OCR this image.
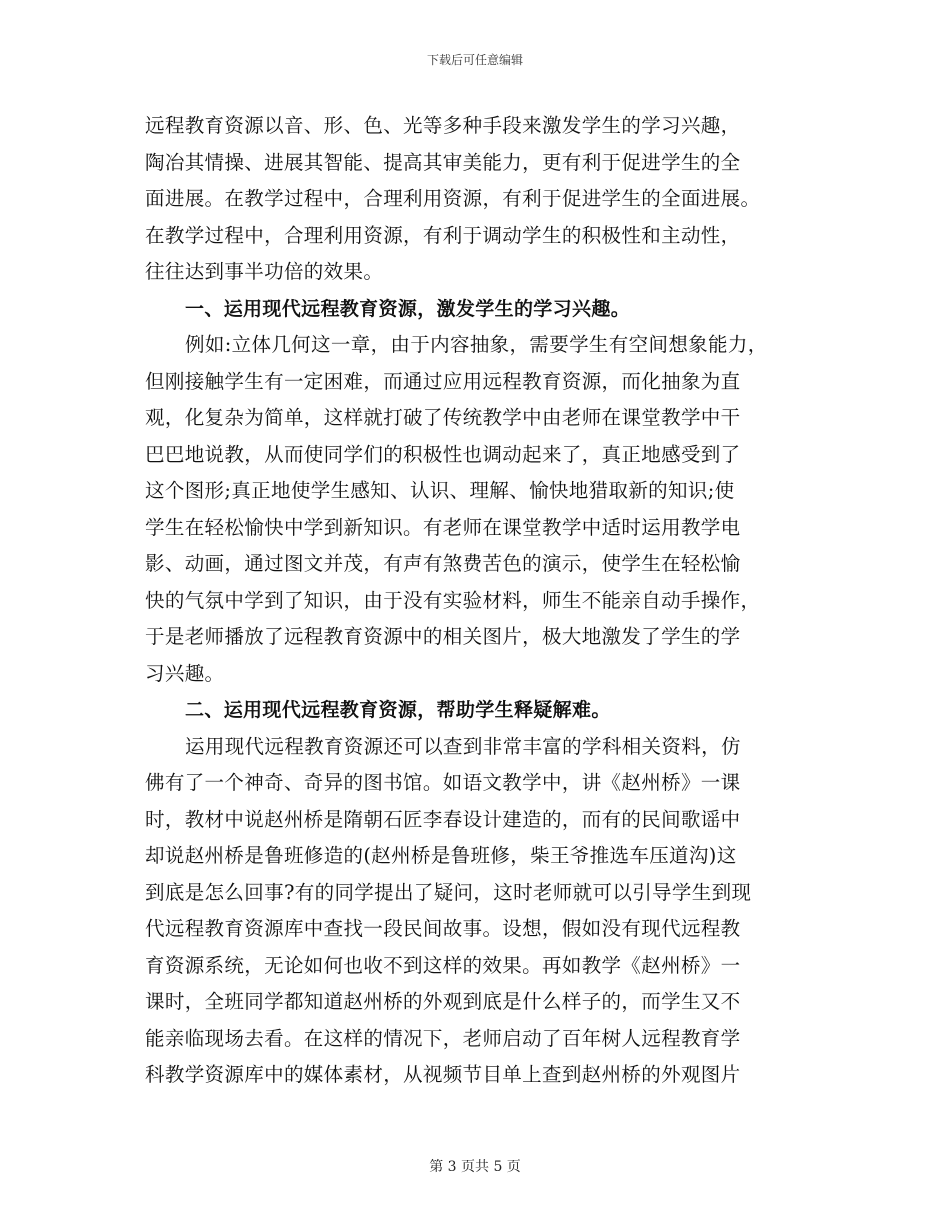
下载后可任意编辑
远程教育资源以音、形、色、光等多种手段来激发学生的学习兴趣，
陶冶其情操、进展其智能、提高其审美能力，更有利于促进学生的全
面进展。在教学过程中，合理利用资源，有利于促进学生的全面进展。
在教学过程中，合理利用资源，有利于调动学生的积极性和主动性，
往往达到事半功倍的效果。
一、运用现代远程教育资源，激发学生的学习兴趣。
例如:立体几何这一章，由于内容抽象，需要学生有空间想象能力，
但刚接触学生有一定困难，而通过应用远程教育资源，而化抽象为直
观，化复杂为简单，这样就打破了传统教学中由老师在课堂教学中干
巴巴地说教，从而使同学们的积极性也调动起来了，真正地感受到了
这个图形;真正地使学生感知、认识、理解、愉快地猎取新的知识;使
学生在轻松愉快中学到新知识。有老师在课堂教学中适时运用教学电
影、动画，通过图文并茂，有声有煞费苦色的演示，使学生在轻松愉
快的气氛中学到了知识，由于没有实验材料，师生不能亲自动手操作，
于是老师播放了远程教育资源中的相关图片，极大地激发了学生的学
习兴趣。
二、运用现代远程教育资源，帮助学生释疑解难。
运用现代远程教育资源还可以查到非常丰富的学科相关资料，仿
佛有了一个神奇、奇异的图书馆。如语文教学中，讲《赵州桥》一课
时，教材中说赵州桥是隋朝石匠李春设计建造的，而有的民间歌谣中
却说赵州桥是鲁班修造的(赵州桥是鲁班修，柴王爷推选车压道沟)这
到底是怎么回事?有的同学提出了疑问，这时老师就可以引导学生到现
代远程教育资源库中查找一段民间故事。设想，假如没有现代远程教
育资源系统，无论如何也收不到这样的效果。再如教学《赵州桥》一
课时，全班同学都知道赵州桥的外观到底是什么样子的，而学生又不
能亲临现场去看。在这样的情况下，老师启动了百年树人远程教育学
科教学资源库中的媒体素材，从视频节目单上查到赵州桥的外观图片
第 3 页共 5 页
